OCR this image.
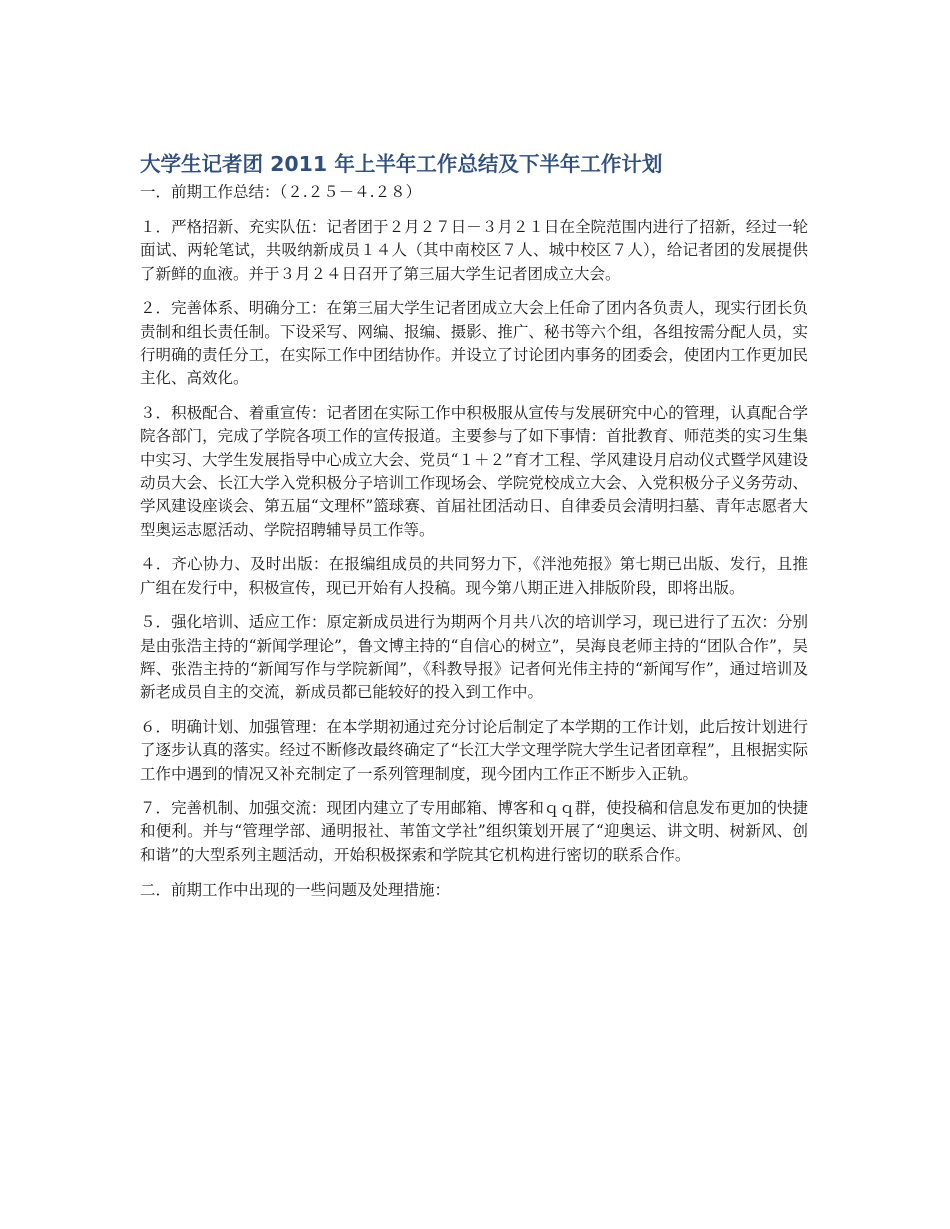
大学生记者团 2011 年上半年工作总结及下半年工作计划

一．前期工作总结：（２.２５－４.２８）

１．严格招新、充实队伍：记者团于２月２７日－３月２１日在全院范围内进行了招新，经过一轮面试、两轮笔试，共吸纳新成员１４人（其中南校区７人、城中校区７人），给记者团的发展提供了新鲜的血液。并于３月２４日召开了第三届大学生记者团成立大会。

２．完善体系、明确分工：在第三届大学生记者团成立大会上任命了团内各负责人，现实行团长负责制和组长责任制。下设采写、网编、报编、摄影、推广、秘书等六个组，各组按需分配人员，实行明确的责任分工，在实际工作中团结协作。并设立了讨论团内事务的团委会，使团内工作更加民主化、高效化。

３．积极配合、着重宣传：记者团在实际工作中积极服从宣传与发展研究中心的管理，认真配合学院各部门，完成了学院各项工作的宣传报道。主要参与了如下事情：首批教育、师范类的实习生集中实习、大学生发展指导中心成立大会、党员“１＋２”育才工程、学风建设月启动仪式暨学风建设动员大会、长江大学入党积极分子培训工作现场会、学院党校成立大会、入党积极分子义务劳动、学风建设座谈会、第五届“文理杯”篮球赛、首届社团活动日、自律委员会清明扫墓、青年志愿者大型奥运志愿活动、学院招聘辅导员工作等。

４．齐心协力、及时出版：在报编组成员的共同努力下，《泮池苑报》第七期已出版、发行，且推广组在发行中，积极宣传，现已开始有人投稿。现今第八期正进入排版阶段，即将出版。

５．强化培训、适应工作：原定新成员进行为期两个月共八次的培训学习，现已进行了五次：分别是由张浩主持的“新闻学理论”，鲁文博主持的“自信心的树立”，吴海良老师主持的“团队合作”，吴辉、张浩主持的“新闻写作与学院新闻”，《科教导报》记者何光伟主持的“新闻写作”，通过培训及新老成员自主的交流，新成员都已能较好的投入到工作中。

６．明确计划、加强管理：在本学期初通过充分讨论后制定了本学期的工作计划，此后按计划进行了逐步认真的落实。经过不断修改最终确定了“长江大学文理学院大学生记者团章程”，且根据实际工作中遇到的情况又补充制定了一系列管理制度，现今团内工作正不断步入正轨。

７．完善机制、加强交流：现团内建立了专用邮箱、博客和ｑｑ群，使投稿和信息发布更加的快捷和便利。并与“管理学部、通明报社、苇笛文学社”组织策划开展了“迎奥运、讲文明、树新风、创和谐”的大型系列主题活动，开始积极探索和学院其它机构进行密切的联系合作。

二．前期工作中出现的一些问题及处理措施：
